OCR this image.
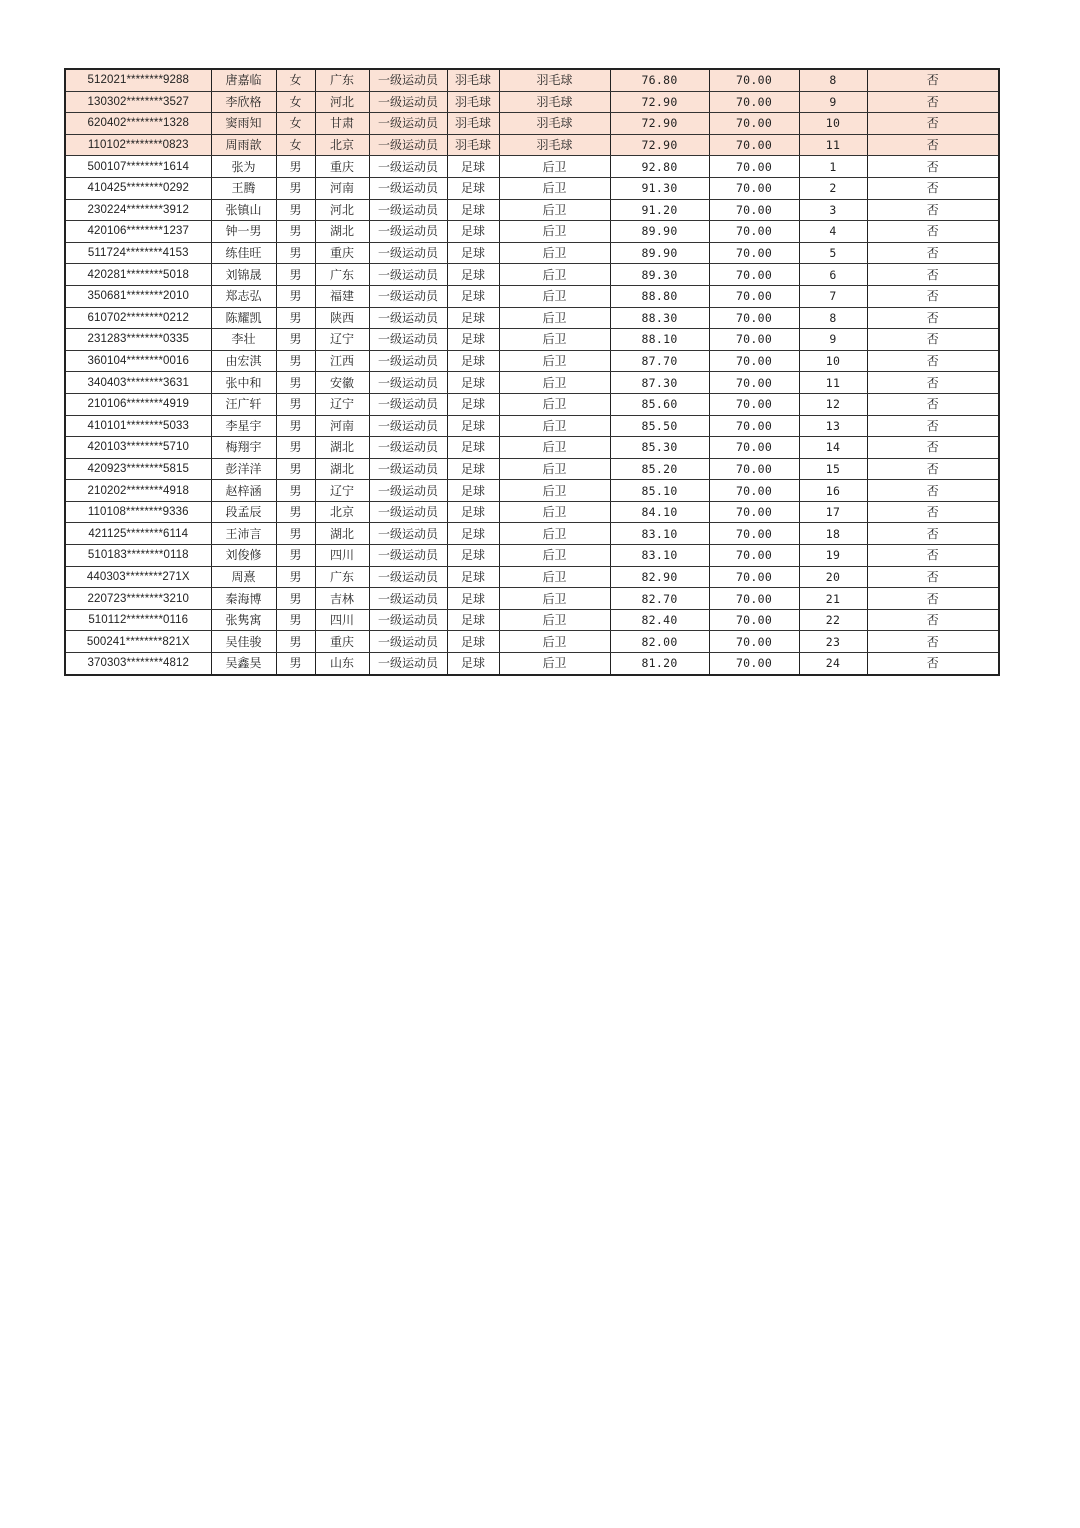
512021********9288	唐嘉临	女	广东	一级运动员	羽毛球	羽毛球	76.80	70.00	8	否
130302********3527	李欣格	女	河北	一级运动员	羽毛球	羽毛球	72.90	70.00	9	否
620402********1328	窦雨知	女	甘肃	一级运动员	羽毛球	羽毛球	72.90	70.00	10	否
110102********0823	周雨歆	女	北京	一级运动员	羽毛球	羽毛球	72.90	70.00	11	否
500107********1614	张为	男	重庆	一级运动员	足球	后卫	92.80	70.00	1	否
410425********0292	王腾	男	河南	一级运动员	足球	后卫	91.30	70.00	2	否
230224********3912	张镇山	男	河北	一级运动员	足球	后卫	91.20	70.00	3	否
420106********1237	钟一男	男	湖北	一级运动员	足球	后卫	89.90	70.00	4	否
511724********4153	练佳旺	男	重庆	一级运动员	足球	后卫	89.90	70.00	5	否
420281********5018	刘锦晟	男	广东	一级运动员	足球	后卫	89.30	70.00	6	否
350681********2010	郑志弘	男	福建	一级运动员	足球	后卫	88.80	70.00	7	否
610702********0212	陈耀凯	男	陕西	一级运动员	足球	后卫	88.30	70.00	8	否
231283********0335	李壮	男	辽宁	一级运动员	足球	后卫	88.10	70.00	9	否
360104********0016	由宏淇	男	江西	一级运动员	足球	后卫	87.70	70.00	10	否
340403********3631	张中和	男	安徽	一级运动员	足球	后卫	87.30	70.00	11	否
210106********4919	汪广轩	男	辽宁	一级运动员	足球	后卫	85.60	70.00	12	否
410101********5033	李星宇	男	河南	一级运动员	足球	后卫	85.50	70.00	13	否
420103********5710	梅翔宇	男	湖北	一级运动员	足球	后卫	85.30	70.00	14	否
420923********5815	彭洋洋	男	湖北	一级运动员	足球	后卫	85.20	70.00	15	否
210202********4918	赵梓涵	男	辽宁	一级运动员	足球	后卫	85.10	70.00	16	否
110108********9336	段孟辰	男	北京	一级运动员	足球	后卫	84.10	70.00	17	否
421125********6114	王沛言	男	湖北	一级运动员	足球	后卫	83.10	70.00	18	否
510183********0118	刘俊修	男	四川	一级运动员	足球	后卫	83.10	70.00	19	否
440303********271X	周熹	男	广东	一级运动员	足球	后卫	82.90	70.00	20	否
220723********3210	秦海博	男	吉林	一级运动员	足球	后卫	82.70	70.00	21	否
510112********0116	张隽寓	男	四川	一级运动员	足球	后卫	82.40	70.00	22	否
500241********821X	吴佳骏	男	重庆	一级运动员	足球	后卫	82.00	70.00	23	否
370303********4812	吴鑫昊	男	山东	一级运动员	足球	后卫	81.20	70.00	24	否
